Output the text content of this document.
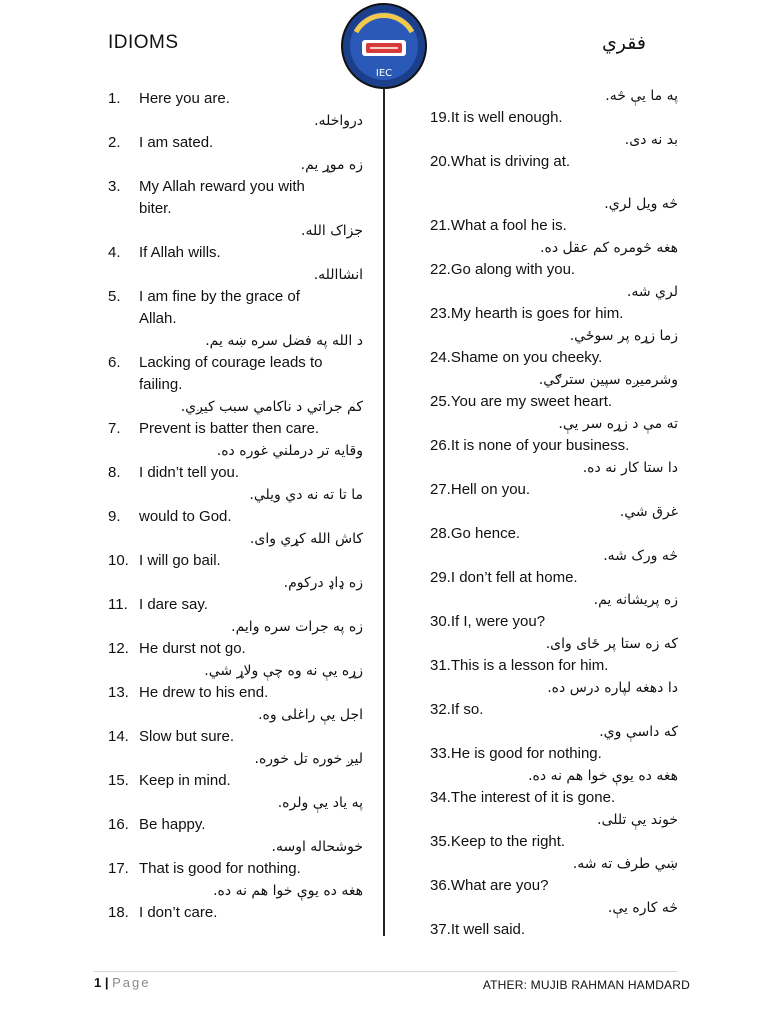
IDIOMS
IEC
فقري
1.	Here you are.
درواخله.
2.	I am sated.
زه موړ یم.
3.	My Allah reward you with
biter.
جزاک الله.
4.	If Allah wills.
انشاالله.
5.	I am fine by the grace of
Allah.
د الله په فضل سره ښه یم.
6.	Lacking of courage leads to
failing.
کم جراتي د ناکامي سبب کیږي.
7.	Prevent is batter then care.
وقایه تر درملني غوره ده.
8.	I didn’t tell you.
ما تا ته نه دي ویلي.
9.	would to God.
کاش الله کړي وای.
10. I will go bail.
زه ډاډ درکوم.
11. I dare say.
زه په جرات سره وایم.
12. He durst not go.
زړه یې نه وه چې ولاړ شي.
13. He drew to his end.
اجل یې راغلی وه.
14. Slow but sure.
لیږ خوره تل خوره.
15. Keep in mind.
په یاد یې ولره.
16. Be happy.
خوشحاله اوسه.
17. That is good for nothing.
هغه ده یوې خوا هم نه ده.
18. I don’t care.
په ما یې څه.
19.It is well enough.
بد نه دی.
20.What is driving at.
څه ویل لري.
21.What a fool he is.
هغه څومره کم عقل ده.
22.Go along with you.
لري شه.
23.My hearth is goes for him.
زما زړه پر سوځي.
24.Shame on you cheeky.
وشرمیږه سپین سترګي.
25.You are my sweet heart.
ته مې د زړه سر یې.
26.It is none of your business.
دا ستا کار نه ده.
27.Hell on you.
غرق شي.
28.Go hence.
څه ورک شه.
29.I don’t fell at home.
زه پریشانه یم.
30.If I, were you?
که زه ستا پر ځای وای.
31.This is a lesson for him.
دا دهغه لپاره درس ده.
32.If so.
که داسې وي.
33.He is good for nothing.
هغه ده یوې خوا هم نه ده.
34.The interest of it is gone.
خوند یې تللی.
35.Keep to the right.
ښي طرف ته شه.
36.What are you?
څه کاره یې.
37.It well said.
1 | Page	ATHER: MUJIB RAHMAN HAMDARD
